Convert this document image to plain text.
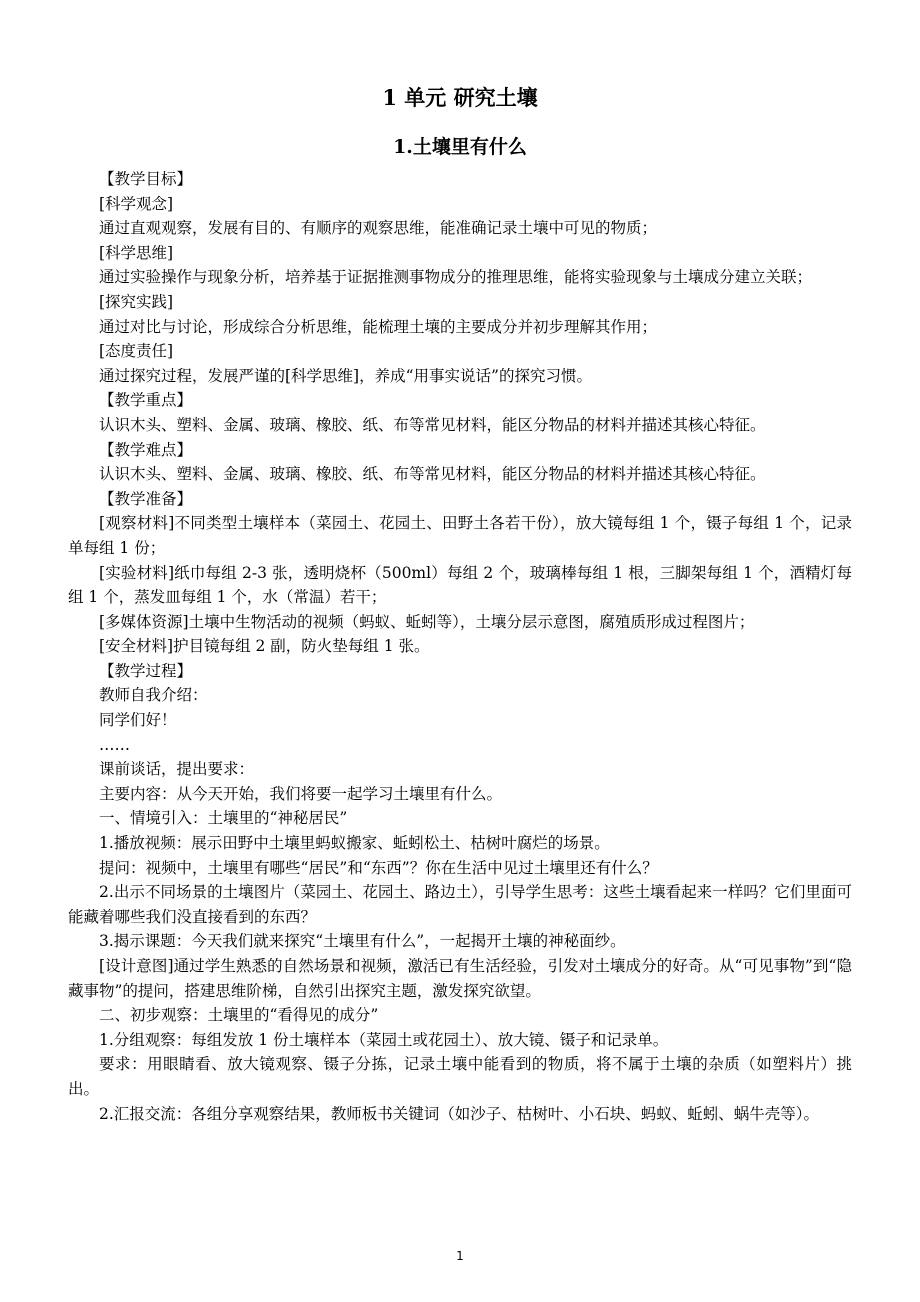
1 单元 研究土壤
1.土壤里有什么

【教学目标】

[科学观念]

通过直观观察，发展有目的、有顺序的观察思维，能准确记录土壤中可见的物质；

[科学思维]

通过实验操作与现象分析，培养基于证据推测事物成分的推理思维，能将实验现象与土壤成分建立关联；

[探究实践]

通过对比与讨论，形成综合分析思维，能梳理土壤的主要成分并初步理解其作用；

[态度责任]

通过探究过程，发展严谨的[科学思维]，养成“用事实说话”的探究习惯。

【教学重点】

认识木头、塑料、金属、玻璃、橡胶、纸、布等常见材料，能区分物品的材料并描述其核心特征。

【教学难点】

认识木头、塑料、金属、玻璃、橡胶、纸、布等常见材料，能区分物品的材料并描述其核心特征。

【教学准备】

[观察材料]不同类型土壤样本（菜园土、花园土、田野土各若干份），放大镜每组 1 个，镊子每组 1 个，记录单每组 1 份；

[实验材料]纸巾每组 2-3 张，透明烧杯（500ml）每组 2 个，玻璃棒每组 1 根，三脚架每组 1 个，酒精灯每组 1 个，蒸发皿每组 1 个，水（常温）若干；

[多媒体资源]土壤中生物活动的视频（蚂蚁、蚯蚓等），土壤分层示意图，腐殖质形成过程图片；

[安全材料]护目镜每组 2 副，防火垫每组 1 张。

【教学过程】

教师自我介绍：

同学们好！

……

课前谈话，提出要求：

主要内容：从今天开始，我们将要一起学习土壤里有什么。

一、情境引入：土壤里的“神秘居民”

1.播放视频：展示田野中土壤里蚂蚁搬家、蚯蚓松土、枯树叶腐烂的场景。

提问：视频中，土壤里有哪些“居民”和“东西”？你在生活中见过土壤里还有什么？

2.出示不同场景的土壤图片（菜园土、花园土、路边土），引导学生思考：这些土壤看起来一样吗？它们里面可能藏着哪些我们没直接看到的东西？

3.揭示课题：今天我们就来探究“土壤里有什么”，一起揭开土壤的神秘面纱。

[设计意图]通过学生熟悉的自然场景和视频，激活已有生活经验，引发对土壤成分的好奇。从“可见事物”到“隐藏事物”的提问，搭建思维阶梯，自然引出探究主题，激发探究欲望。

二、初步观察：土壤里的“看得见的成分”

1.分组观察：每组发放 1 份土壤样本（菜园土或花园土）、放大镜、镊子和记录单。

要求：用眼睛看、放大镜观察、镊子分拣，记录土壤中能看到的物质，将不属于土壤的杂质（如塑料片）挑出。

2.汇报交流：各组分享观察结果，教师板书关键词（如沙子、枯树叶、小石块、蚂蚁、蚯蚓、蜗牛壳等）。

1
